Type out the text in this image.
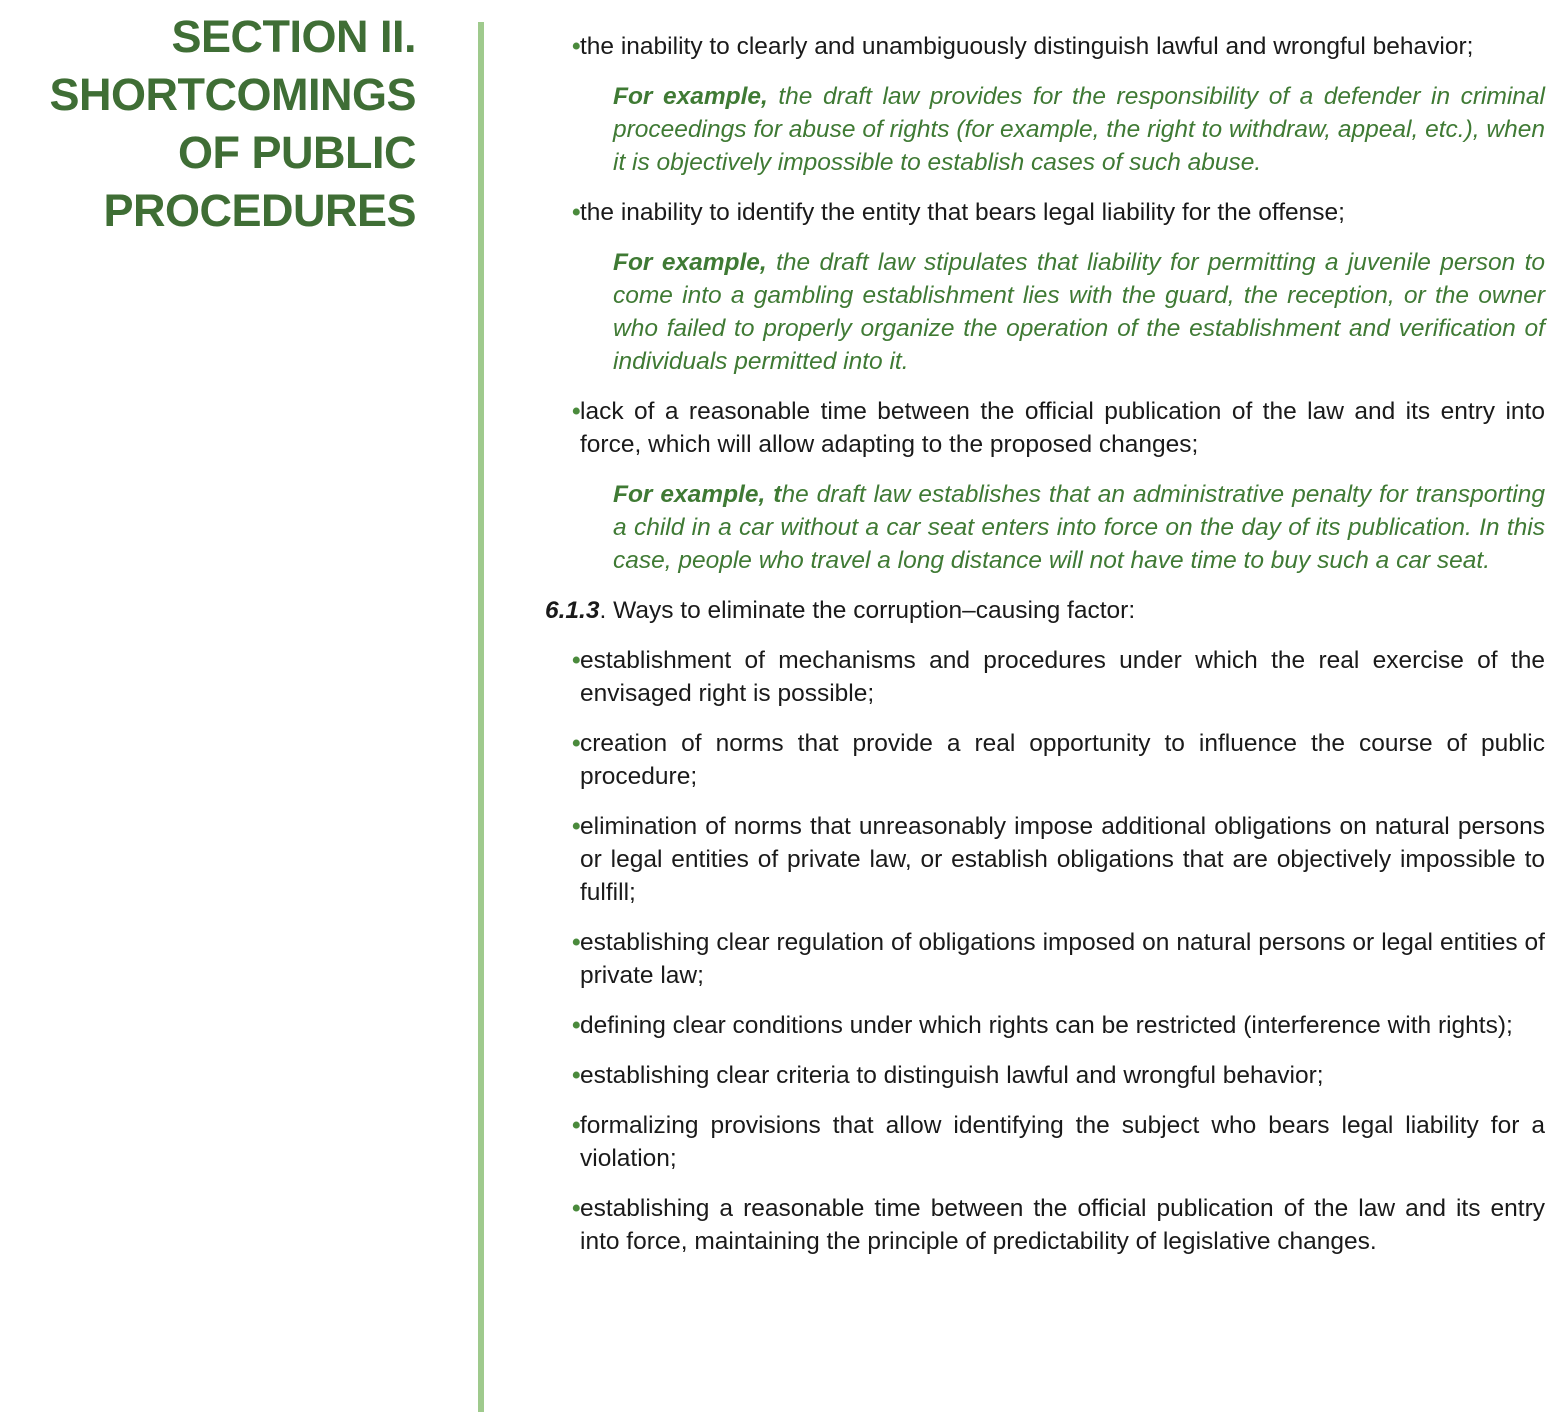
SECTION II.
SHORTCOMINGS
OF PUBLIC
PROCEDURES
• the inability to clearly and unambiguously distinguish lawful and wrongful behavior;
For example, the draft law provides for the responsibility of a defender in criminal proceedings for abuse of rights (for example, the right to withdraw, appeal, etc.), when it is objectively impossible to establish cases of such abuse.
• the inability to identify the entity that bears legal liability for the offense;
For example, the draft law stipulates that liability for permitting a juvenile person to come into a gambling establishment lies with the guard, the reception, or the owner who failed to properly organize the operation of the establishment and verification of individuals permitted into it.
• lack of a reasonable time between the official publication of the law and its entry into force, which will allow adapting to the proposed changes;
For example, the draft law establishes that an administrative penalty for transporting a child in a car without a car seat enters into force on the day of its publication. In this case, people who travel a long distance will not have time to buy such a car seat.
6.1.3. Ways to eliminate the corruption–causing factor:
• establishment of mechanisms and procedures under which the real exercise of the envisaged right is possible;
• creation of norms that provide a real opportunity to influence the course of public procedure;
• elimination of norms that unreasonably impose additional obligations on natural persons or legal entities of private law, or establish obligations that are objectively impossible to fulfill;
• establishing clear regulation of obligations imposed on natural persons or legal entities of private law;
• defining clear conditions under which rights can be restricted (interference with rights);
• establishing clear criteria to distinguish lawful and wrongful behavior;
• formalizing provisions that allow identifying the subject who bears legal liability for a violation;
• establishing a reasonable time between the official publication of the law and its entry into force, maintaining the principle of predictability of legislative changes.
